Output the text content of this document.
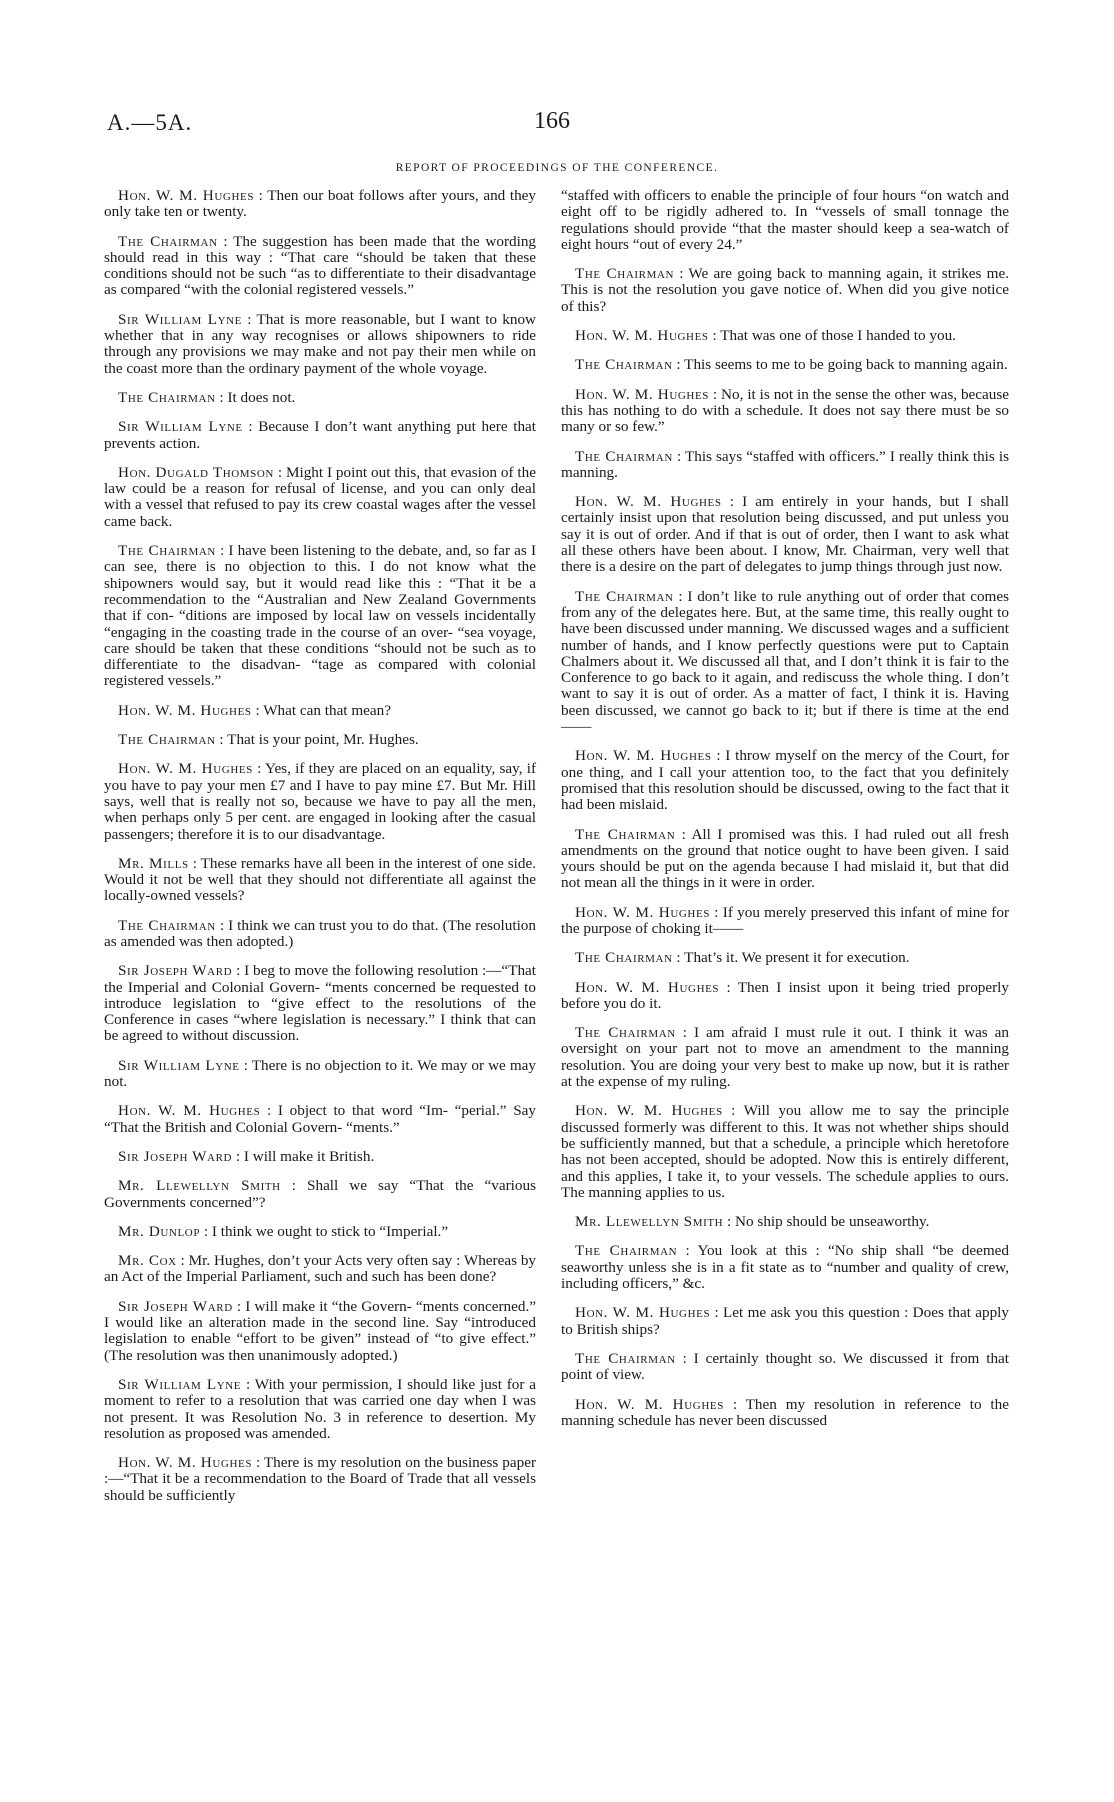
A.—5A.	166
REPORT OF PROCEEDINGS OF THE CONFERENCE.

Hon. W. M. Hughes : Then our boat follows after yours, and they only take ten or twenty.

The Chairman : The suggestion has been made that the wording should read in this way : “That care “should be taken that these conditions should not be such “as to differentiate to their disadvantage as compared “with the colonial registered vessels.”

Sir William Lyne : That is more reasonable, but I want to know whether that in any way recognises or allows shipowners to ride through any provisions we may make and not pay their men while on the coast more than the ordinary payment of the whole voyage.

The Chairman : It does not.

Sir William Lyne : Because I don’t want anything put here that prevents action.

Hon. Dugald Thomson : Might I point out this, that evasion of the law could be a reason for refusal of license, and you can only deal with a vessel that refused to pay its crew coastal wages after the vessel came back.

The Chairman : I have been listening to the debate, and, so far as I can see, there is no objection to this. I do not know what the shipowners would say, but it would read like this : “That it be a recommendation to the “Australian and New Zealand Governments that if con- “ditions are imposed by local law on vessels incidentally “engaging in the coasting trade in the course of an over- “sea voyage, care should be taken that these conditions “should not be such as to differentiate to the disadvan- “tage as compared with colonial registered vessels.”

Hon. W. M. Hughes : What can that mean?

The Chairman : That is your point, Mr. Hughes.

Hon. W. M. Hughes : Yes, if they are placed on an equality, say, if you have to pay your men £7 and I have to pay mine £7. But Mr. Hill says, well that is really not so, because we have to pay all the men, when perhaps only 5 per cent. are engaged in looking after the casual passengers; therefore it is to our disadvantage.

Mr. Mills : These remarks have all been in the interest of one side. Would it not be well that they should not differentiate all against the locally-owned vessels?

The Chairman : I think we can trust you to do that. (The resolution as amended was then adopted.)

Sir Joseph Ward : I beg to move the following resolution :—“That the Imperial and Colonial Govern- “ments concerned be requested to introduce legislation to “give effect to the resolutions of the Conference in cases “where legislation is necessary.” I think that can be agreed to without discussion.

Sir William Lyne : There is no objection to it. We may or we may not.

Hon. W. M. Hughes : I object to that word “Im- “perial.” Say “That the British and Colonial Govern- “ments.”

Sir Joseph Ward : I will make it British.

Mr. Llewellyn Smith : Shall we say “That the “various Governments concerned”?

Mr. Dunlop : I think we ought to stick to “Imperial.”

Mr. Cox : Mr. Hughes, don’t your Acts very often say : Whereas by an Act of the Imperial Parliament, such and such has been done?

Sir Joseph Ward : I will make it “the Govern- “ments concerned.” I would like an alteration made in the second line. Say “introduced legislation to enable “effort to be given” instead of “to give effect.” (The resolution was then unanimously adopted.)

Sir William Lyne : With your permission, I should like just for a moment to refer to a resolution that was carried one day when I was not present. It was Resolution No. 3 in reference to desertion. My resolution as proposed was amended.

Hon. W. M. Hughes : There is my resolution on the business paper :—“That it be a recommendation to the Board of Trade that all vessels should be sufficiently

“staffed with officers to enable the principle of four hours “on watch and eight off to be rigidly adhered to. In “vessels of small tonnage the regulations should provide “that the master should keep a sea-watch of eight hours “out of every 24.”

The Chairman : We are going back to manning again, it strikes me. This is not the resolution you gave notice of. When did you give notice of this?

Hon. W. M. Hughes : That was one of those I handed to you.

The Chairman : This seems to me to be going back to manning again.

Hon. W. M. Hughes : No, it is not in the sense the other was, because this has nothing to do with a schedule. It does not say there must be so many or so few.”

The Chairman : This says “staffed with officers.” I really think this is manning.

Hon. W. M. Hughes : I am entirely in your hands, but I shall certainly insist upon that resolution being discussed, and put unless you say it is out of order. And if that is out of order, then I want to ask what all these others have been about. I know, Mr. Chairman, very well that there is a desire on the part of delegates to jump things through just now.

The Chairman : I don’t like to rule anything out of order that comes from any of the delegates here. But, at the same time, this really ought to have been discussed under manning. We discussed wages and a sufficient number of hands, and I know perfectly questions were put to Captain Chalmers about it. We discussed all that, and I don’t think it is fair to the Conference to go back to it again, and rediscuss the whole thing. I don’t want to say it is out of order. As a matter of fact, I think it is. Having been discussed, we cannot go back to it; but if there is time at the end——

Hon. W. M. Hughes : I throw myself on the mercy of the Court, for one thing, and I call your attention too, to the fact that you definitely promised that this resolution should be discussed, owing to the fact that it had been mislaid.

The Chairman : All I promised was this. I had ruled out all fresh amendments on the ground that notice ought to have been given. I said yours should be put on the agenda because I had mislaid it, but that did not mean all the things in it were in order.

Hon. W. M. Hughes : If you merely preserved this infant of mine for the purpose of choking it——

The Chairman : That’s it. We present it for execution.

Hon. W. M. Hughes : Then I insist upon it being tried properly before you do it.

The Chairman : I am afraid I must rule it out. I think it was an oversight on your part not to move an amendment to the manning resolution. You are doing your very best to make up now, but it is rather at the expense of my ruling.

Hon. W. M. Hughes : Will you allow me to say the principle discussed formerly was different to this. It was not whether ships should be sufficiently manned, but that a schedule, a principle which heretofore has not been accepted, should be adopted. Now this is entirely different, and this applies, I take it, to your vessels. The schedule applies to ours. The manning applies to us.

Mr. Llewellyn Smith : No ship should be unseaworthy.

The Chairman : You look at this : “No ship shall “be deemed seaworthy unless she is in a fit state as to “number and quality of crew, including officers,” &c.

Hon. W. M. Hughes : Let me ask you this question : Does that apply to British ships?

The Chairman : I certainly thought so. We discussed it from that point of view.

Hon. W. M. Hughes : Then my resolution in reference to the manning schedule has never been discussed
